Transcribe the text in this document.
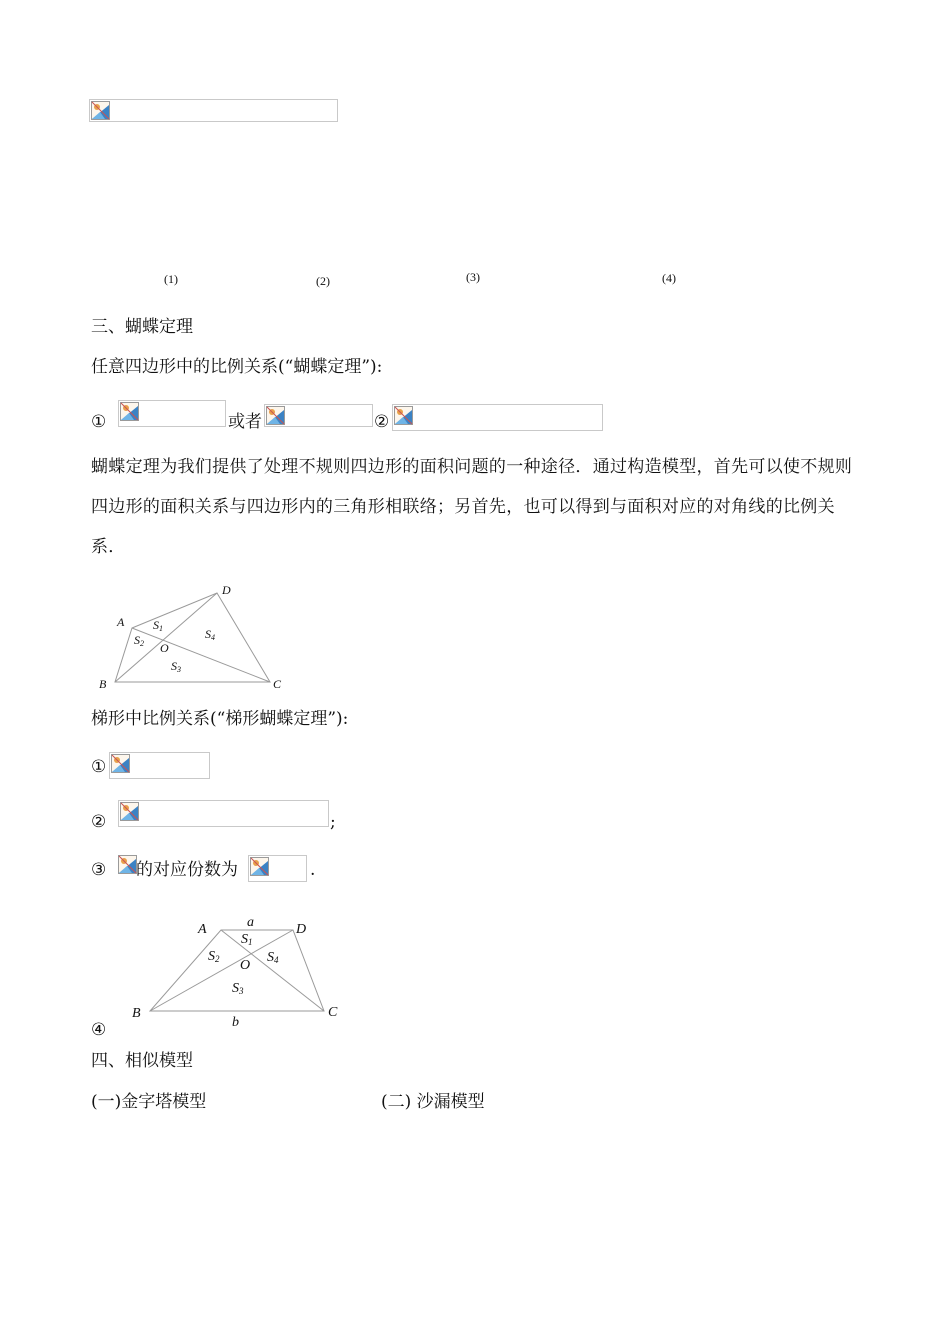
(1)	(2)	(3)	(4)
三、蝴蝶定理
任意四边形中的比例关系(“蝴蝶定理”):
①	或者	②
蝴蝶定理为我们提供了处理不规则四边形的面积问题的一种途径．通过构造模型，首先可以使不规则四边形的面积关系与四边形内的三角形相联络；另首先，也可以得到与面积对应的对角线的比例关系．
A
B	C
D
O
S1
S2
S3
S4
梯形中比例关系(“梯形蝴蝶定理”):
①
②	;
③ 的对应份数为	.
a
b
A
B	C
D
O
S1
S2
S3
S4
④
四、相似模型
(一)金字塔模型	(二) 沙漏模型
